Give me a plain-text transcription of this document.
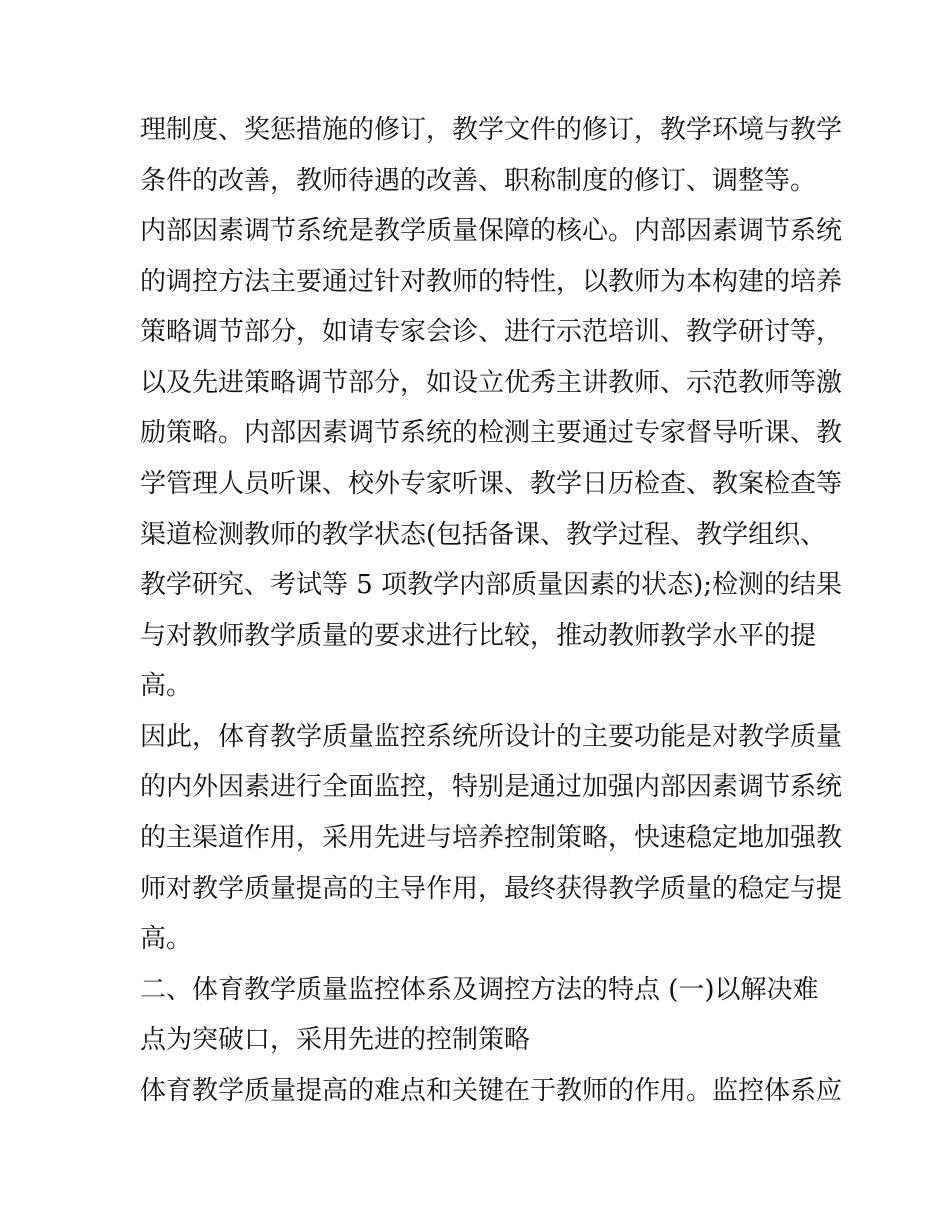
理制度、奖惩措施的修订，教学文件的修订，教学环境与教学
条件的改善，教师待遇的改善、职称制度的修订、调整等。
内部因素调节系统是教学质量保障的核心。内部因素调节系统
的调控方法主要通过针对教师的特性，以教师为本构建的培养
策略调节部分，如请专家会诊、进行示范培训、教学研讨等，
以及先进策略调节部分，如设立优秀主讲教师、示范教师等激
励策略。内部因素调节系统的检测主要通过专家督导听课、教
学管理人员听课、校外专家听课、教学日历检查、教案检查等
渠道检测教师的教学状态(包括备课、教学过程、教学组织、
教学研究、考试等 5 项教学内部质量因素的状态);检测的结果
与对教师教学质量的要求进行比较，推动教师教学水平的提
高。
因此，体育教学质量监控系统所设计的主要功能是对教学质量
的内外因素进行全面监控，特别是通过加强内部因素调节系统
的主渠道作用，采用先进与培养控制策略，快速稳定地加强教
师对教学质量提高的主导作用，最终获得教学质量的稳定与提
高。
二、体育教学质量监控体系及调控方法的特点 (一)以解决难
点为突破口，采用先进的控制策略
体育教学质量提高的难点和关键在于教师的作用。监控体系应
